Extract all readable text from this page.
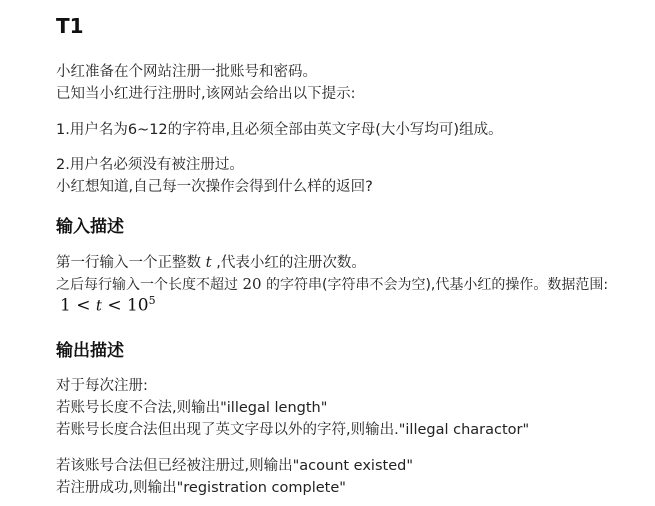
T1
小红准备在个网站注册一批账号和密码。
已知当小红进行注册时,该网站会给出以下提示:
1.用户名为6~12的字符串,且必须全部由英文字母(大小写均可)组成。
2.用户名必须没有被注册过。
小红想知道,自己每一次操作会得到什么样的返回?
输入描述
第一行输入一个正整数 t ,代表小红的注册次数。
之后每行输入一个长度不超过 20 的字符串(字符串不会为空),代基小红的操作。数据范围:
$1 < t < 10^5$
输出描述
对于每次注册:
若账号长度不合法,则输出"illegal length"
若账号长度合法但出现了英文字母以外的字符,则输出."illegal charactor"
若该账号合法但已经被注册过,则输出"acount existed"
若注册成功,则输出"registration complete"
